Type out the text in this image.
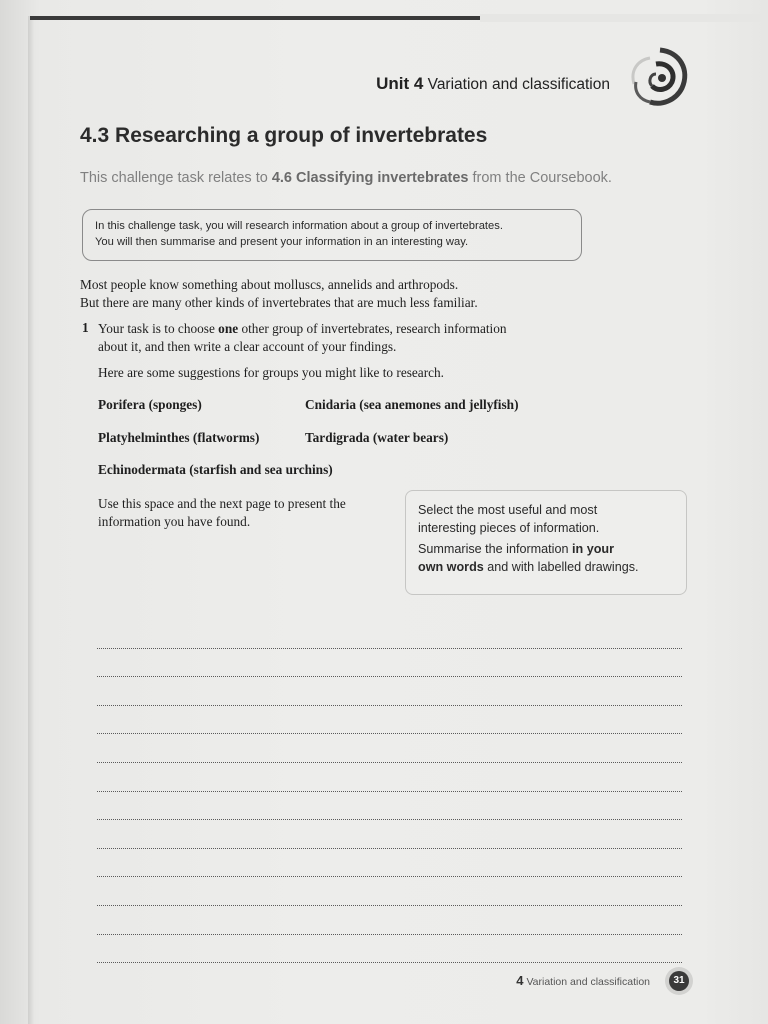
Unit 4 Variation and classification
4.3 Researching a group of invertebrates
This challenge task relates to 4.6 Classifying invertebrates from the Coursebook.
In this challenge task, you will research information about a group of invertebrates.
You will then summarise and present your information in an interesting way.
Most people know something about molluscs, annelids and arthropods.
But there are many other kinds of invertebrates that are much less familiar.
1 Your task is to choose one other group of invertebrates, research information
about it, and then write a clear account of your findings.
Here are some suggestions for groups you might like to research.
Porifera (sponges)	Cnidaria (sea anemones and jellyfish)
Platyhelminthes (flatworms)	Tardigrada (water bears)
Echinodermata (starfish and sea urchins)
Use this space and the next page to present the
information you have found.

Select the most useful and most
interesting pieces of information.

Summarise the information in your
own words and with labelled drawings.

4 Variation and classification	31
